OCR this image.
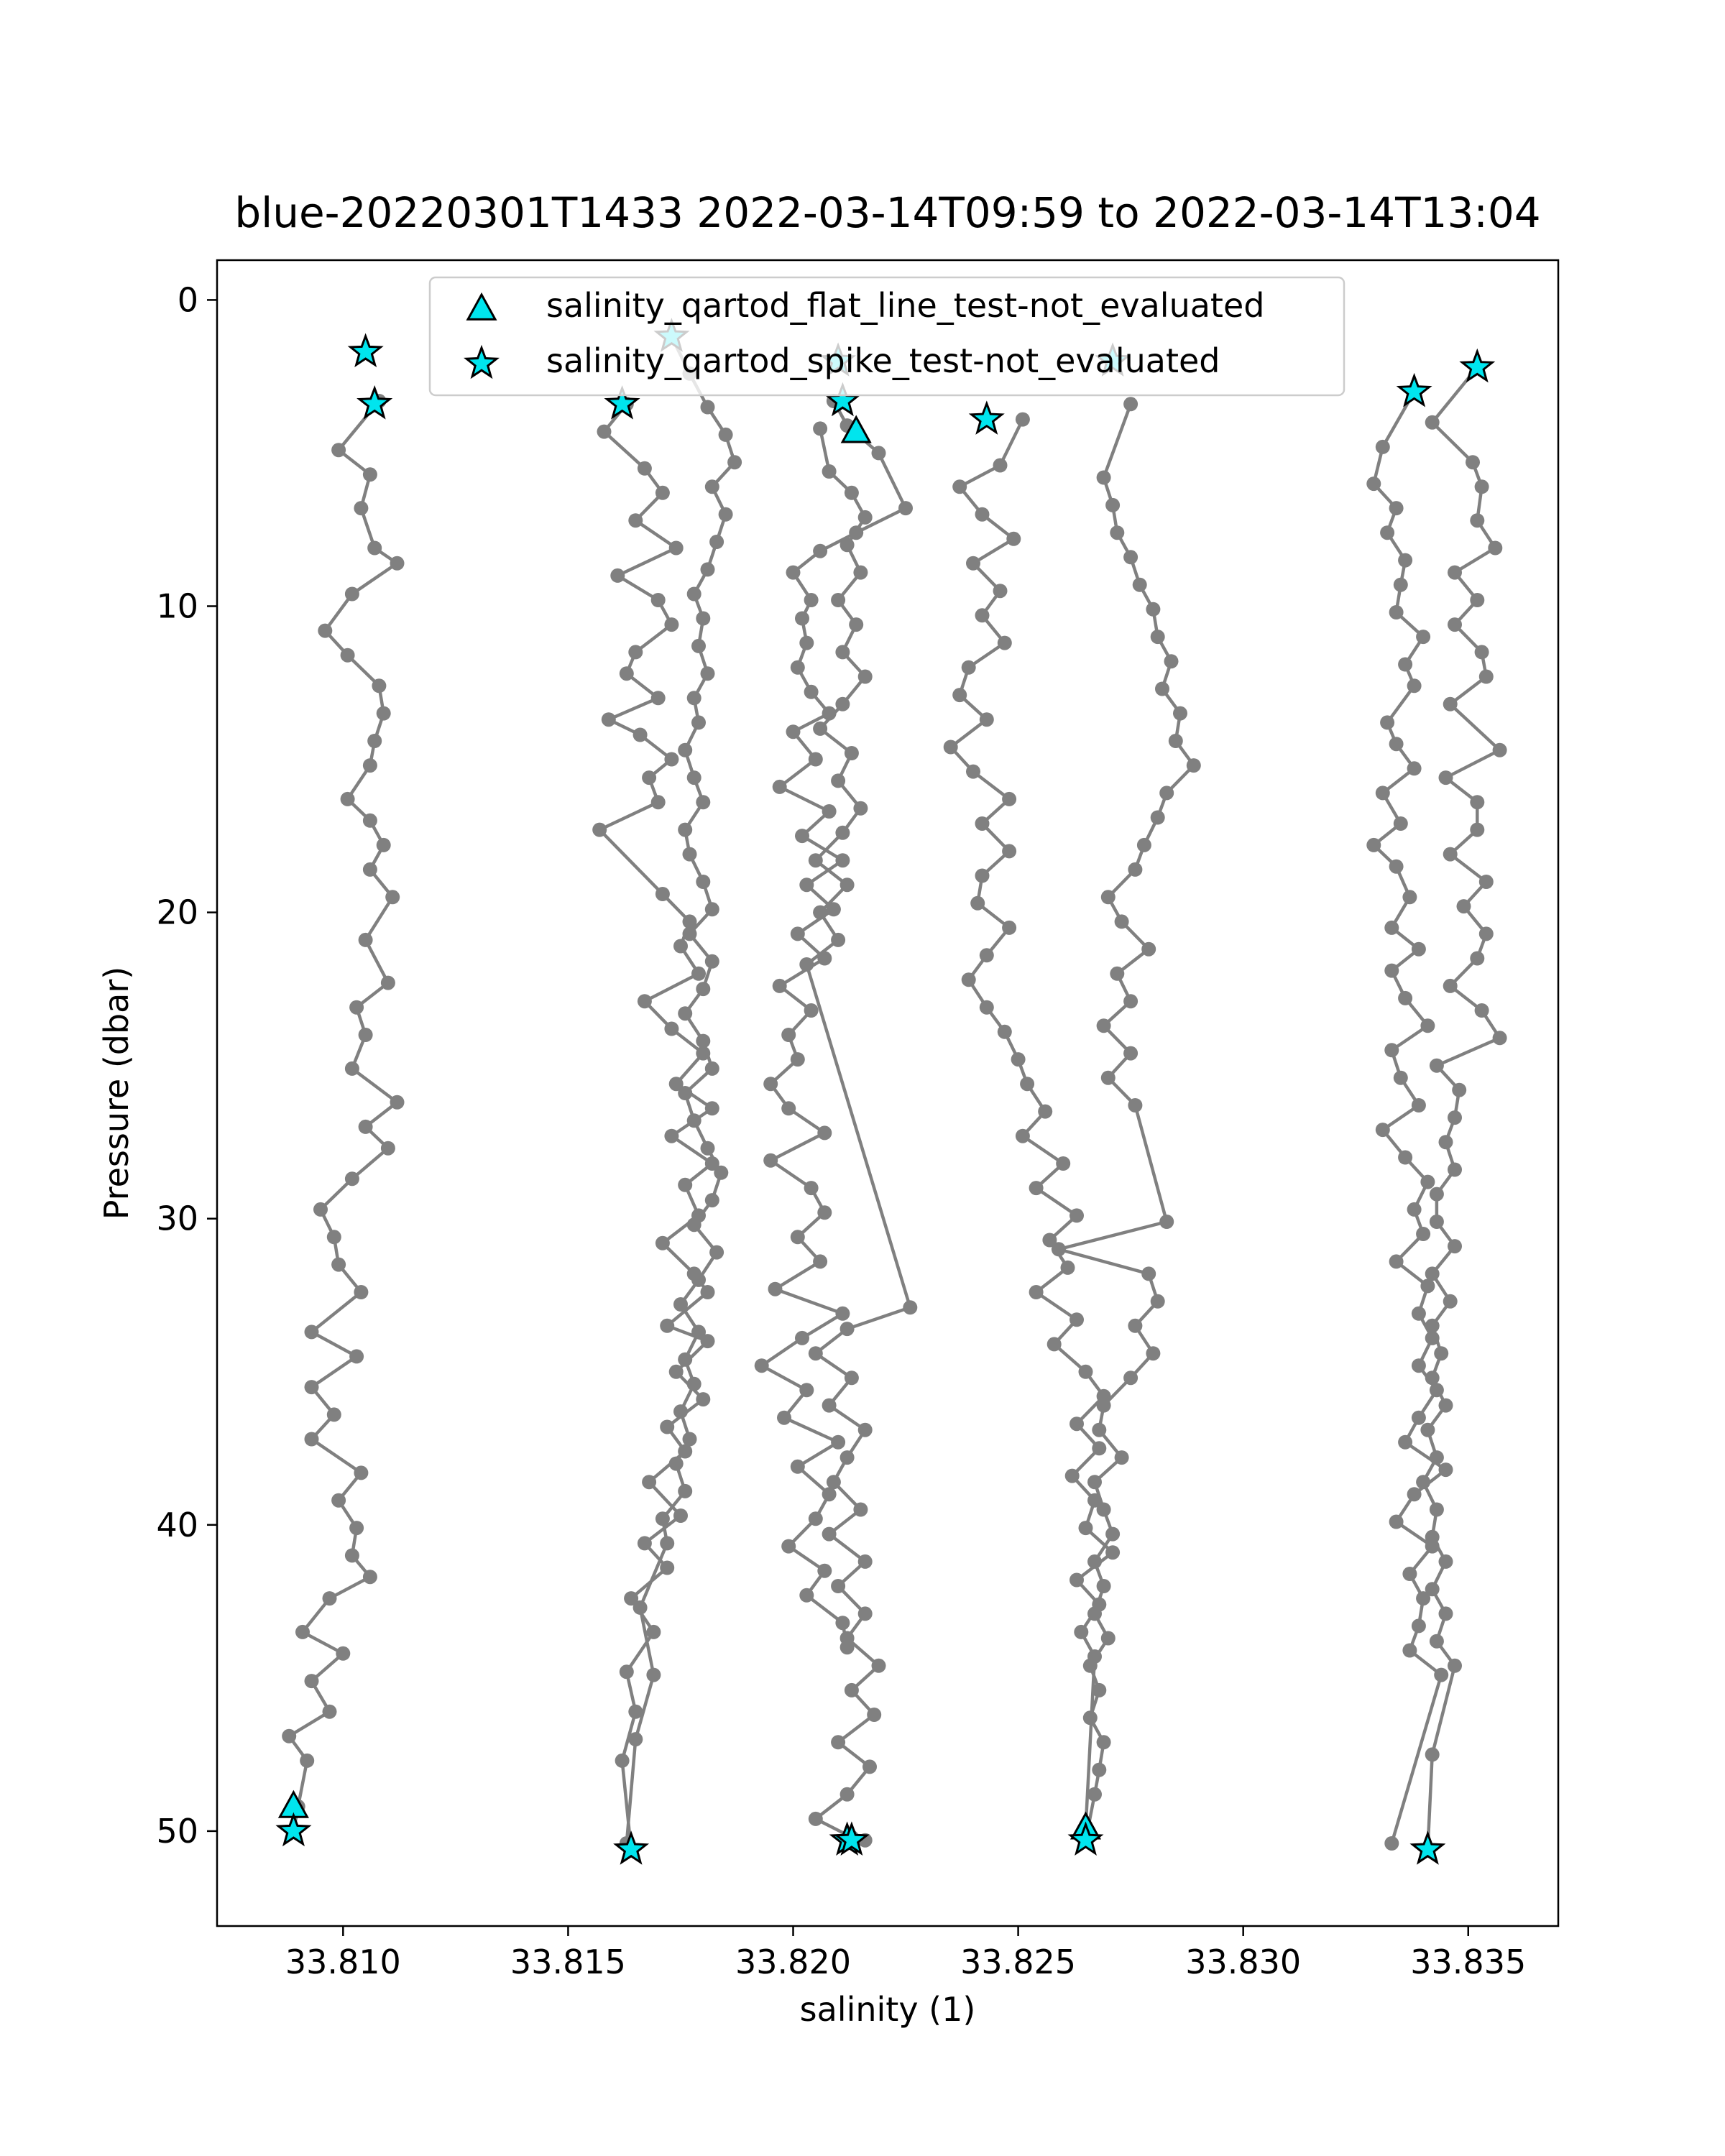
blue-20220301T1433 2022-03-14T09:59 to 2022-03-14T13:04
33.810	33.815	33.820	33.825	33.830	33.835
0
10
20
30
40
50
salinity (1)
Pressure (dbar)
salinity_qartod_flat_line_test-not_evaluated
salinity_qartod_spike_test-not_evaluated
